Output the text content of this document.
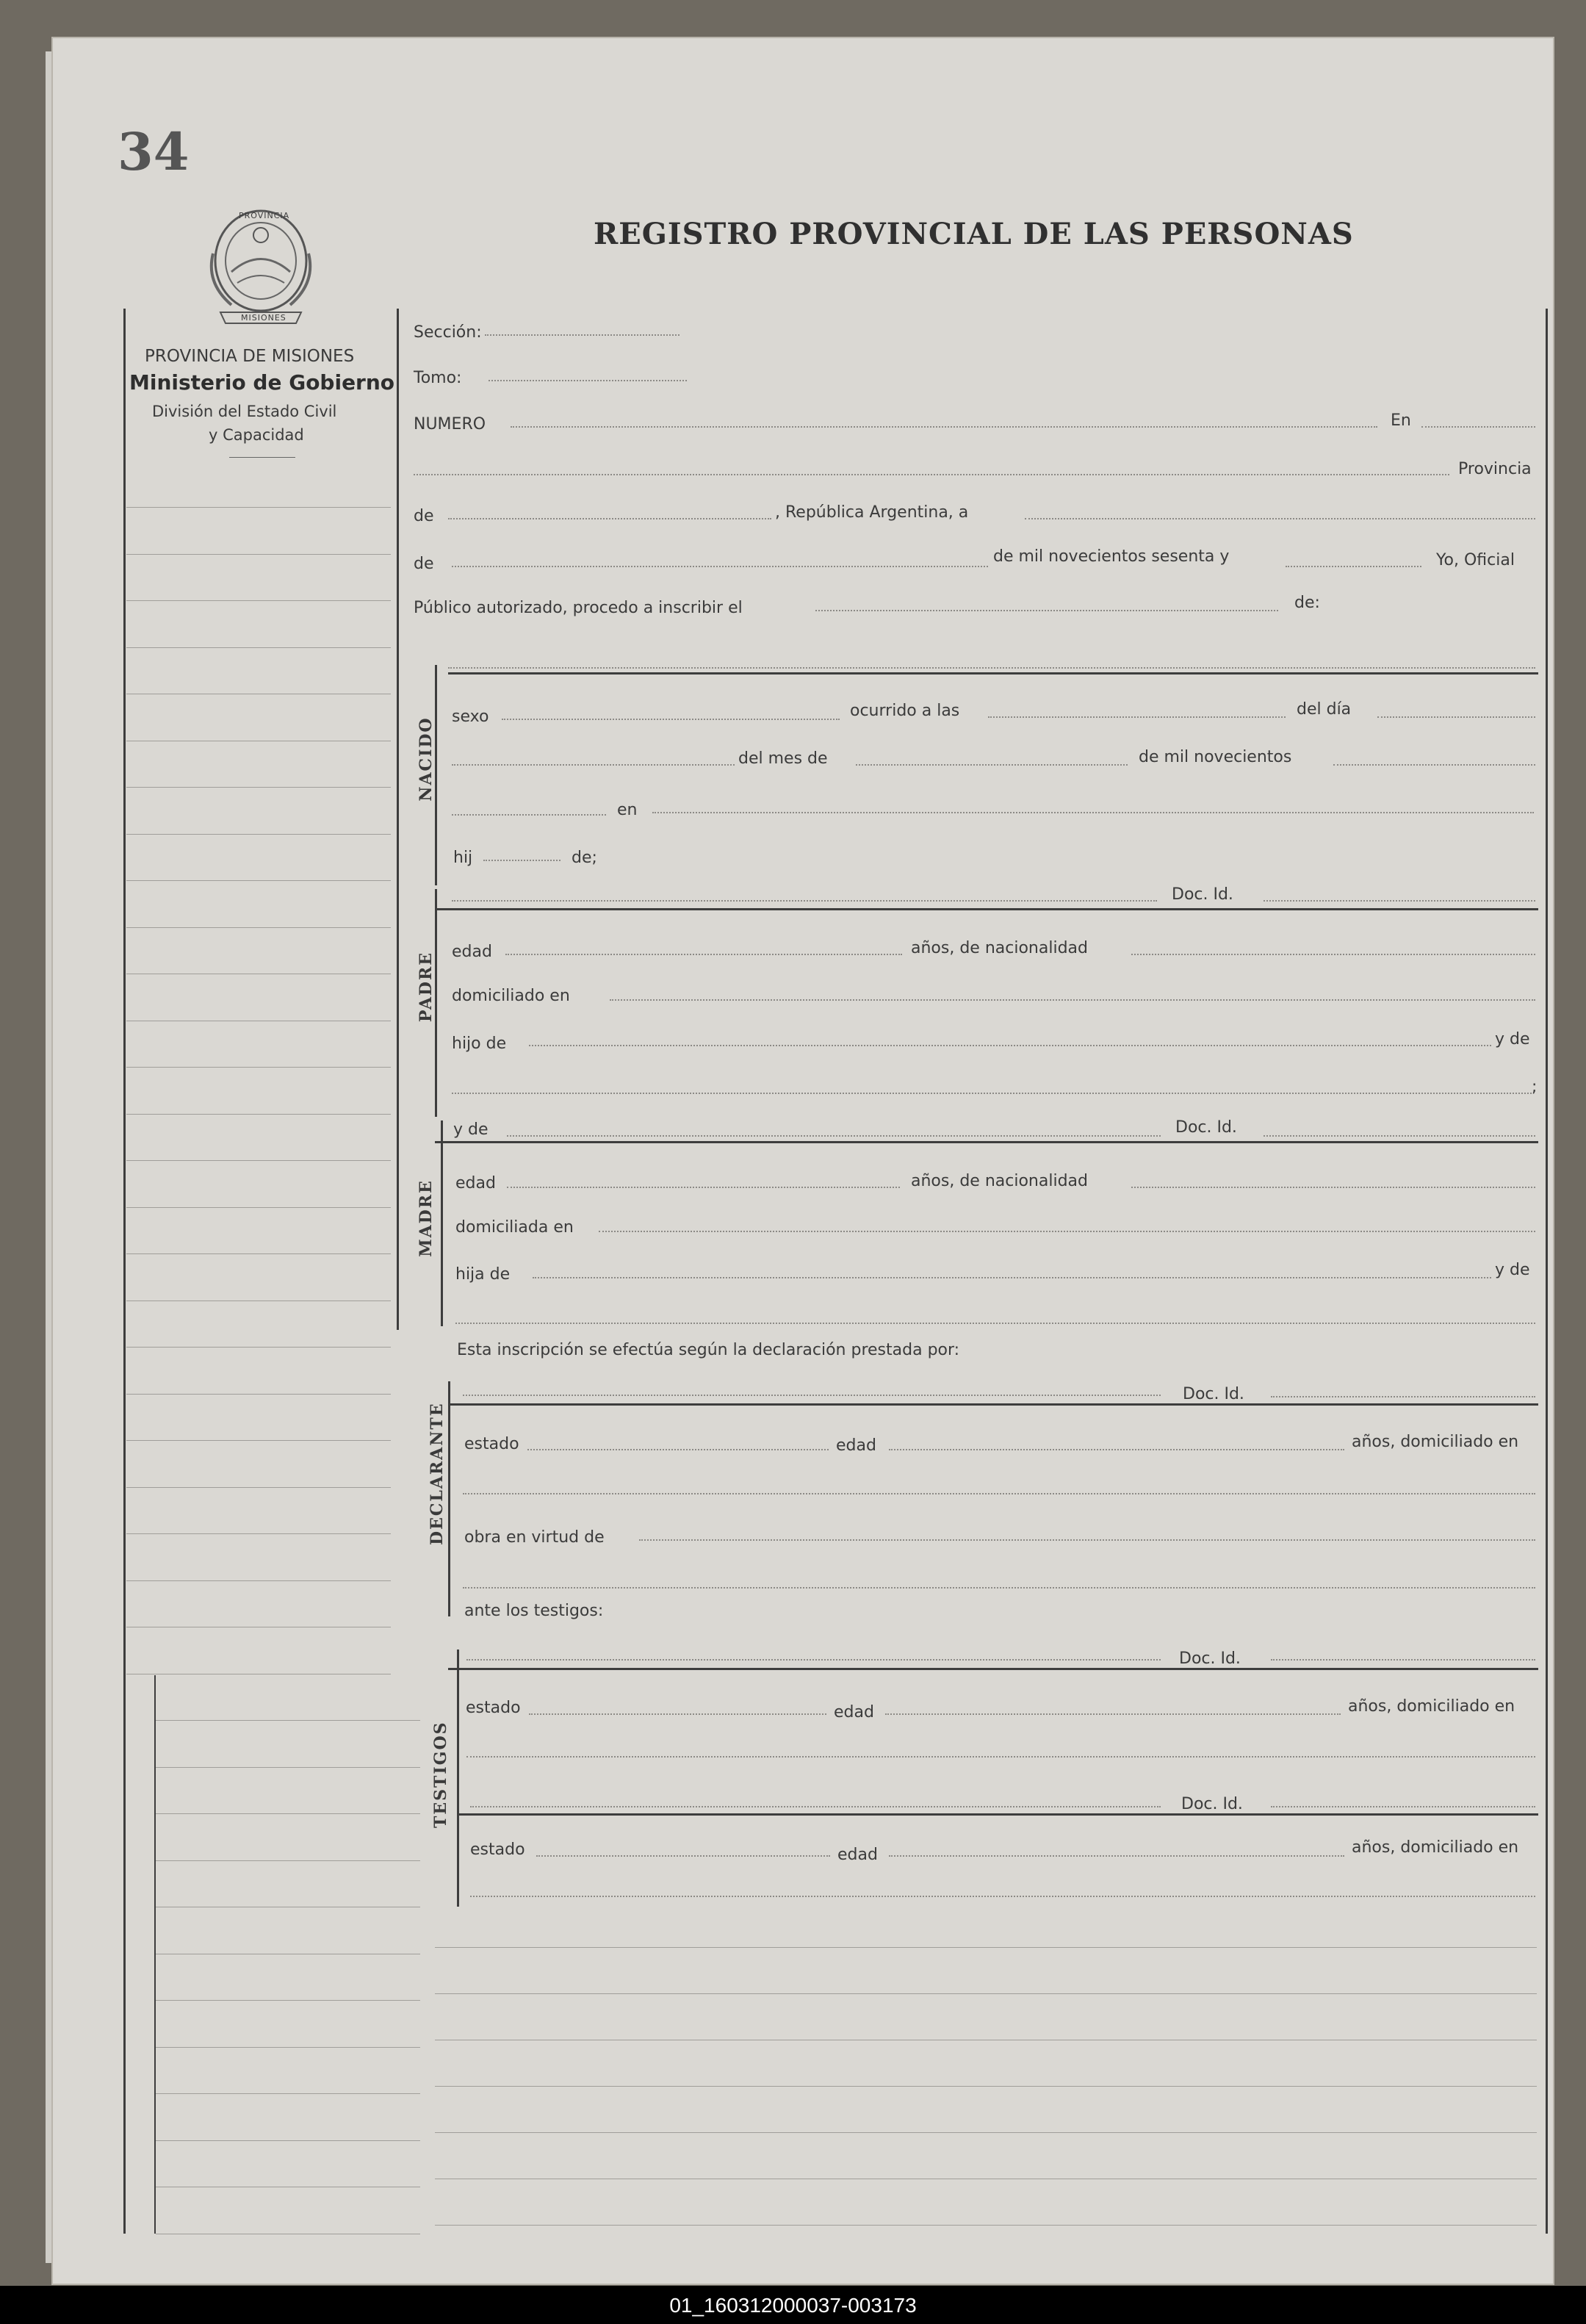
34
PROVINCIA
MISIONES
PROVINCIA DE MISIONES
Ministerio de Gobierno
División del Estado Civil
y Capacidad
REGISTRO PROVINCIAL DE LAS PERSONAS
Sección:
Tomo:
NUMERO	En
Provincia
de	, República Argentina, a
de	de mil novecientos sesenta y	Yo, Oficial
Público autorizado, procedo a inscribir el	de:
NACIDO sexo	ocurrido a las	del día
del mes de	de mil novecientos
en
hij	de;
Doc. Id.
PADRE edad	años, de nacionalidad
domiciliado en
hijo de	y de
;
y de	Doc. Id.
MADRE edad	años, de nacionalidad
domiciliada en
hija de	y de
Esta inscripción se efectúa según la declaración prestada por:
Doc. Id.
DECLARANTE estado	edad	años, domiciliado en
obra en virtud de
ante los testigos:
Doc. Id.
TESTIGOS
estado	edad	años, domiciliado en
Doc. Id.
estado	edad	años, domiciliado en
01_160312000037-003173
